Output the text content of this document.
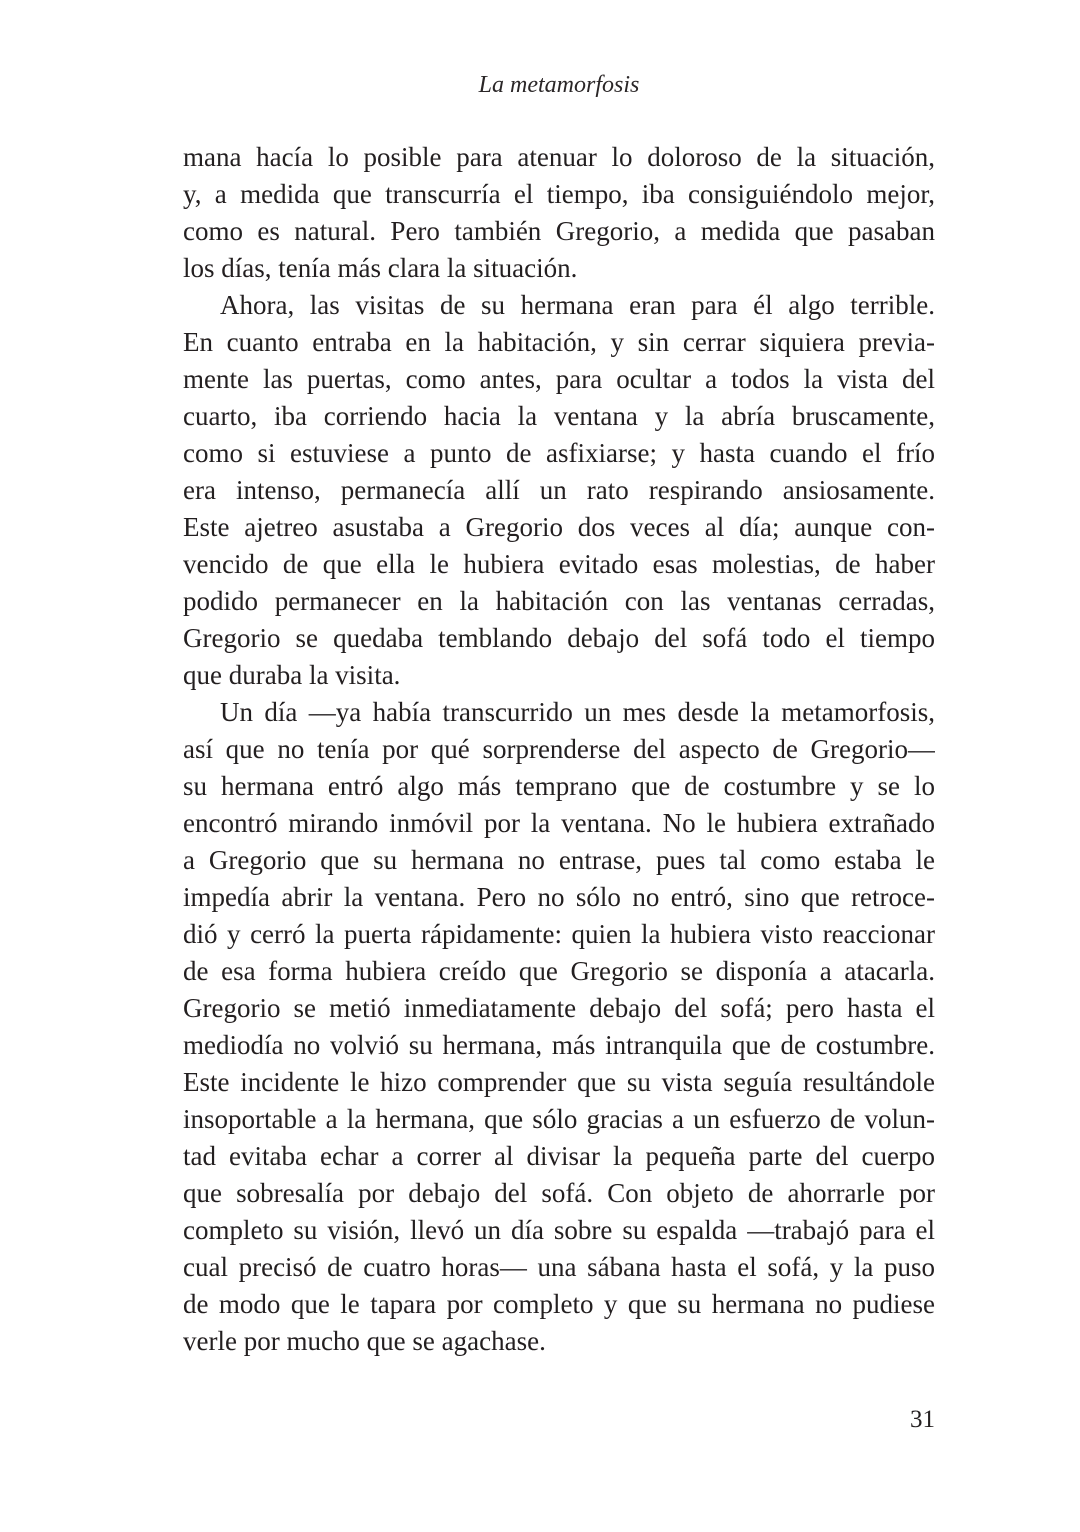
La metamorfosis
mana hacía lo posible para atenuar lo doloroso de la situación,
y, a medida que transcurría el tiempo, iba consiguiéndolo mejor,
como es natural. Pero también Gregorio, a medida que pasaban
los días, tenía más clara la situación.
Ahora, las visitas de su hermana eran para él algo terrible.
En cuanto entraba en la habitación, y sin cerrar siquiera previa-
mente las puertas, como antes, para ocultar a todos la vista del
cuarto, iba corriendo hacia la ventana y la abría bruscamente,
como si estuviese a punto de asfixiarse; y hasta cuando el frío
era intenso, permanecía allí un rato respirando ansiosamente.
Este ajetreo asustaba a Gregorio dos veces al día; aunque con-
vencido de que ella le hubiera evitado esas molestias, de haber
podido permanecer en la habitación con las ventanas cerradas,
Gregorio se quedaba temblando debajo del sofá todo el tiempo
que duraba la visita.
Un día —ya había transcurrido un mes desde la metamorfosis,
así que no tenía por qué sorprenderse del aspecto de Gregorio—
su hermana entró algo más temprano que de costumbre y se lo
encontró mirando inmóvil por la ventana. No le hubiera extrañado
a Gregorio que su hermana no entrase, pues tal como estaba le
impedía abrir la ventana. Pero no sólo no entró, sino que retroce-
dió y cerró la puerta rápidamente: quien la hubiera visto reaccionar
de esa forma hubiera creído que Gregorio se disponía a atacarla.
Gregorio se metió inmediatamente debajo del sofá; pero hasta el
mediodía no volvió su hermana, más intranquila que de costumbre.
Este incidente le hizo comprender que su vista seguía resultándole
insoportable a la hermana, que sólo gracias a un esfuerzo de volun-
tad evitaba echar a correr al divisar la pequeña parte del cuerpo
que sobresalía por debajo del sofá. Con objeto de ahorrarle por
completo su visión, llevó un día sobre su espalda —trabajó para el
cual precisó de cuatro horas— una sábana hasta el sofá, y la puso
de modo que le tapara por completo y que su hermana no pudiese
verle por mucho que se agachase.
31
